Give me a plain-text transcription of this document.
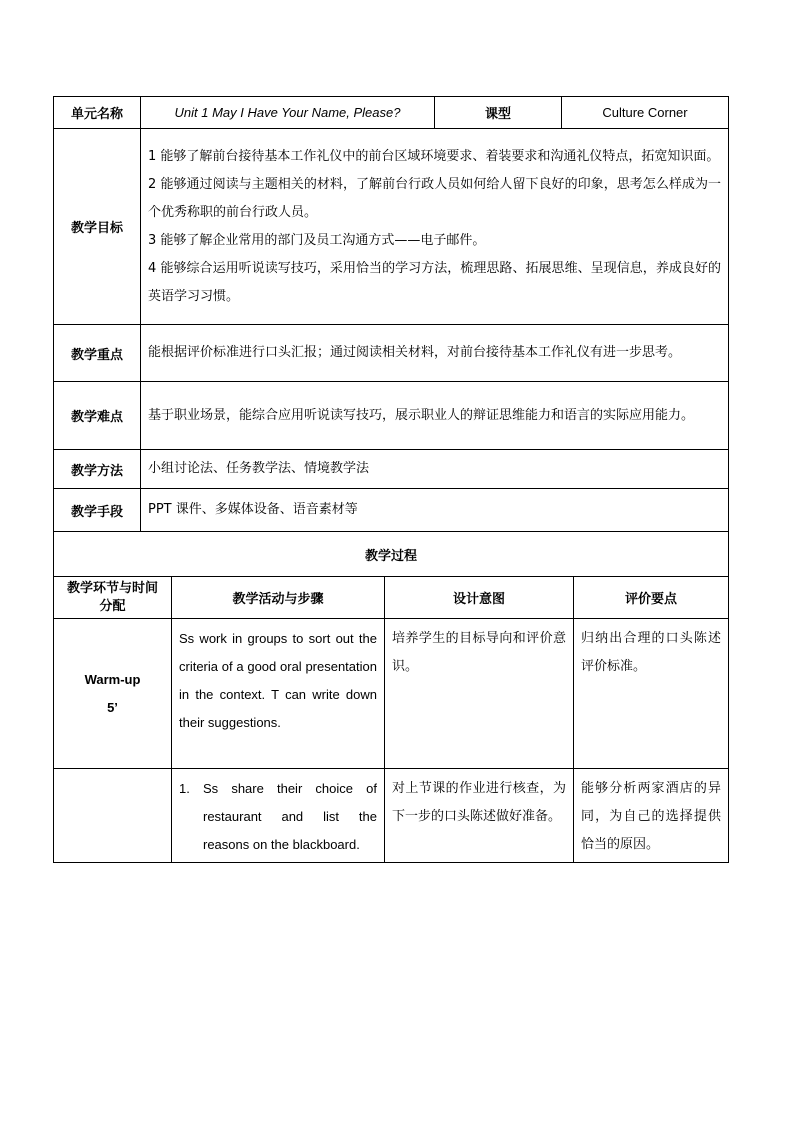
单元名称	Unit 1 May I Have Your Name, Please?	课型	Culture Corner
教学目标	1 能够了解前台接待基本工作礼仪中的前台区域环境要求、着装要求和沟通礼仪特点，拓宽知识面。

2 能够通过阅读与主题相关的材料，了解前台行政人员如何给人留下良好的印象，思考怎么样成为一个优秀称职的前台行政人员。

3 能够了解企业常用的部门及员工沟通方式——电子邮件。

4 能够综合运用听说读写技巧，采用恰当的学习方法，梳理思路、拓展思维、呈现信息，养成良好的英语学习习惯。		

教学重点	能根据评价标准进行口头汇报；通过阅读相关材料，对前台接待基本工作礼仪有进一步思考。		
教学难点	基于职业场景，能综合应用听说读写技巧，展示职业人的辩证思维能力和语言的实际应用能力。		
教学方法	小组讨论法、任务教学法、情境教学法		
教学手段	PPT 课件、多媒体设备、语音素材等		
教学过程			
教学环节与时间分配	教学活动与步骤	设计意图	评价要点

Warm-up

5’	Ss work in groups to sort out the criteria of a good oral presentation in the context. T can write down their suggestions.	培养学生的目标导向和评价意识。	归纳出合理的口头陈述评价标准。

	1. Ss share their choice of restaurant and list the reasons on the blackboard.	对上节课的作业进行核查，为下一步的口头陈述做好准备。	能够分析两家酒店的异同，为自己的选择提供恰当的原因。
